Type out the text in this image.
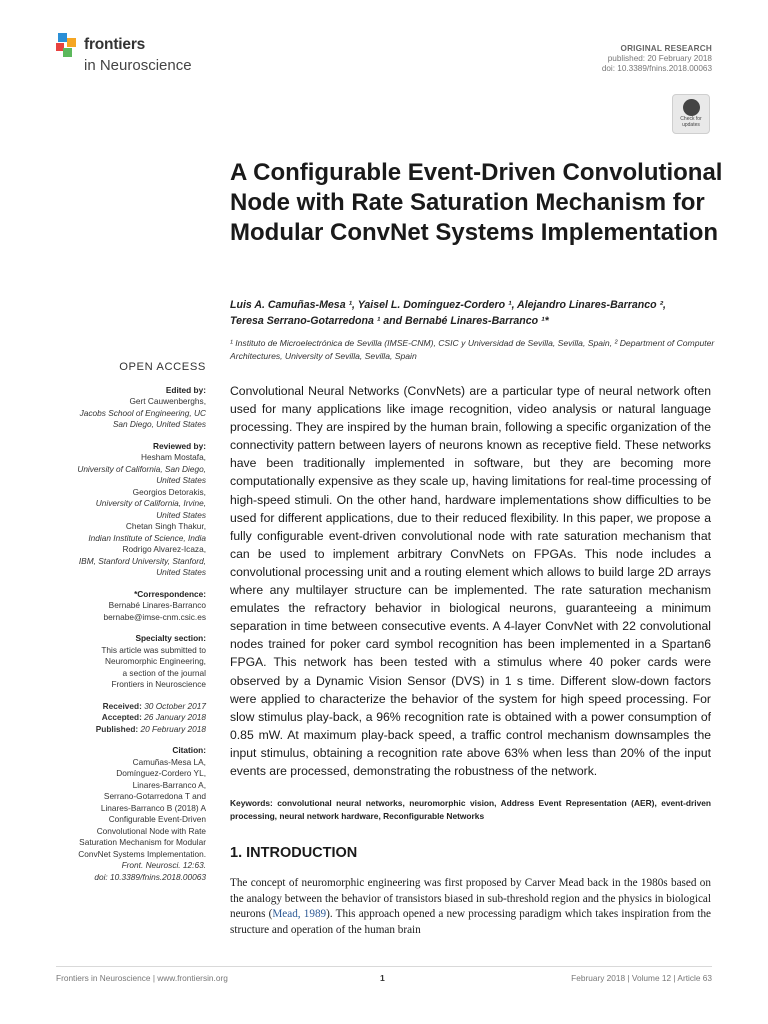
frontiers
in Neuroscience
ORIGINAL RESEARCH
published: 20 February 2018
doi: 10.3389/fnins.2018.00063
Check for
updates
A Configurable Event-Driven Convolutional Node with Rate Saturation Mechanism for Modular ConvNet Systems Implementation
Luis A. Camuñas-Mesa ¹, Yaisel L. Domínguez-Cordero ¹, Alejandro Linares-Barranco ²,
Teresa Serrano-Gotarredona ¹ and Bernabé Linares-Barranco ¹*
¹ Instituto de Microelectrónica de Sevilla (IMSE-CNM), CSIC y Universidad de Sevilla, Sevilla, Spain, ² Department of Computer Architectures, University of Sevilla, Sevilla, Spain
OPEN ACCESS
Edited by:
Gert Cauwenberghs,
Jacobs School of Engineering, UC
San Diego, United States
Reviewed by:
Hesham Mostafa,
University of California, San Diego,
United States
Georgios Detorakis,
University of California, Irvine,
United States
Chetan Singh Thakur,
Indian Institute of Science, India
Rodrigo Alvarez-Icaza,
IBM, Stanford University, Stanford,
United States
*Correspondence:
Bernabé Linares-Barranco
bernabe@imse-cnm.csic.es
Specialty section:
This article was submitted to
Neuromorphic Engineering,
a section of the journal
Frontiers in Neuroscience
Received: 30 October 2017
Accepted: 26 January 2018
Published: 20 February 2018
Citation:
Camuñas-Mesa LA,
Domínguez-Cordero YL,
Linares-Barranco A,
Serrano-Gotarredona T and
Linares-Barranco B (2018) A
Configurable Event-Driven
Convolutional Node with Rate
Saturation Mechanism for Modular
ConvNet Systems Implementation.
Front. Neurosci. 12:63.
doi: 10.3389/fnins.2018.00063
Convolutional Neural Networks (ConvNets) are a particular type of neural network often used for many applications like image recognition, video analysis or natural language processing. They are inspired by the human brain, following a specific organization of the connectivity pattern between layers of neurons known as receptive field. These networks have been traditionally implemented in software, but they are becoming more computationally expensive as they scale up, having limitations for real-time processing of high-speed stimuli. On the other hand, hardware implementations show difficulties to be used for different applications, due to their reduced flexibility. In this paper, we propose a fully configurable event-driven convolutional node with rate saturation mechanism that can be used to implement arbitrary ConvNets on FPGAs. This node includes a convolutional processing unit and a routing element which allows to build large 2D arrays where any multilayer structure can be implemented. The rate saturation mechanism emulates the refractory behavior in biological neurons, guaranteeing a minimum separation in time between consecutive events. A 4-layer ConvNet with 22 convolutional nodes trained for poker card symbol recognition has been implemented in a Spartan6 FPGA. This network has been tested with a stimulus where 40 poker cards were observed by a Dynamic Vision Sensor (DVS) in 1 s time. Different slow-down factors were applied to characterize the behavior of the system for high speed processing. For slow stimulus play-back, a 96% recognition rate is obtained with a power consumption of 0.85 mW. At maximum play-back speed, a traffic control mechanism downsamples the input stimulus, obtaining a recognition rate above 63% when less than 20% of the input events are processed, demonstrating the robustness of the network.
Keywords: convolutional neural networks, neuromorphic vision, Address Event Representation (AER), event-driven processing, neural network hardware, Reconfigurable Networks
1. INTRODUCTION
The concept of neuromorphic engineering was first proposed by Carver Mead back in the 1980s based on the analogy between the behavior of transistors biased in sub-threshold region and the physics in biological neurons (Mead, 1989). This approach opened a new processing paradigm which takes inspiration from the structure and operation of the human brain
Frontiers in Neuroscience | www.frontiersin.org	1	February 2018 | Volume 12 | Article 63
